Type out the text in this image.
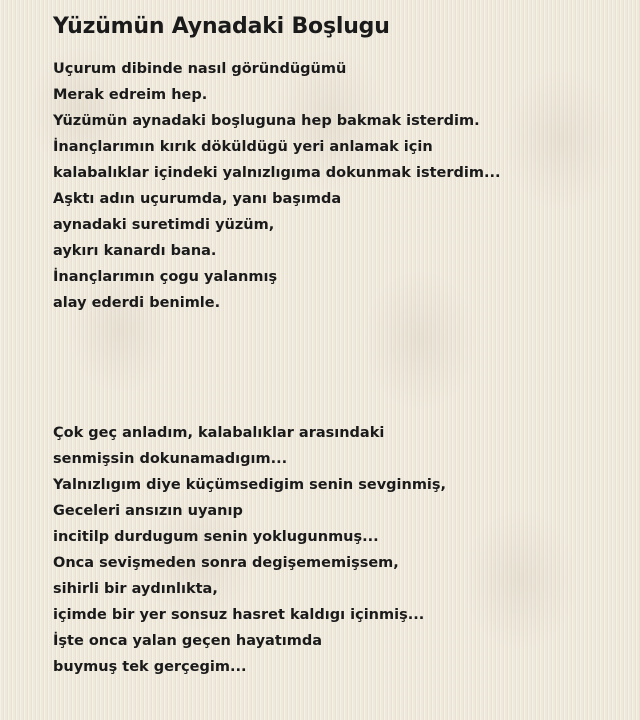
Yüzümün Aynadaki Boşlugu
Uçurum dibinde nasıl göründügümü
Merak edreim hep.
Yüzümün aynadaki boşluguna hep bakmak isterdim.
İnançlarımın kırık döküldügü yeri anlamak için
kalabalıklar içindeki yalnızlıgıma dokunmak isterdim...
Aşktı adın uçurumda, yanı başımda
aynadaki suretimdi yüzüm,
aykırı kanardı bana.
İnançlarımın çogu yalanmış
alay ederdi benimle.
Çok geç anladım, kalabalıklar arasındaki
senmişsin dokunamadıgım...
Yalnızlıgım diye küçümsedigim senin sevginmiş,
Geceleri ansızın uyanıp
incitilp durdugum senin yoklugunmuş...
Onca sevişmeden sonra degişememişsem,
sihirli bir aydınlıkta,
içimde bir yer sonsuz hasret kaldıgı içinmiş...
İşte onca yalan geçen hayatımda
buymuş tek gerçegim...
